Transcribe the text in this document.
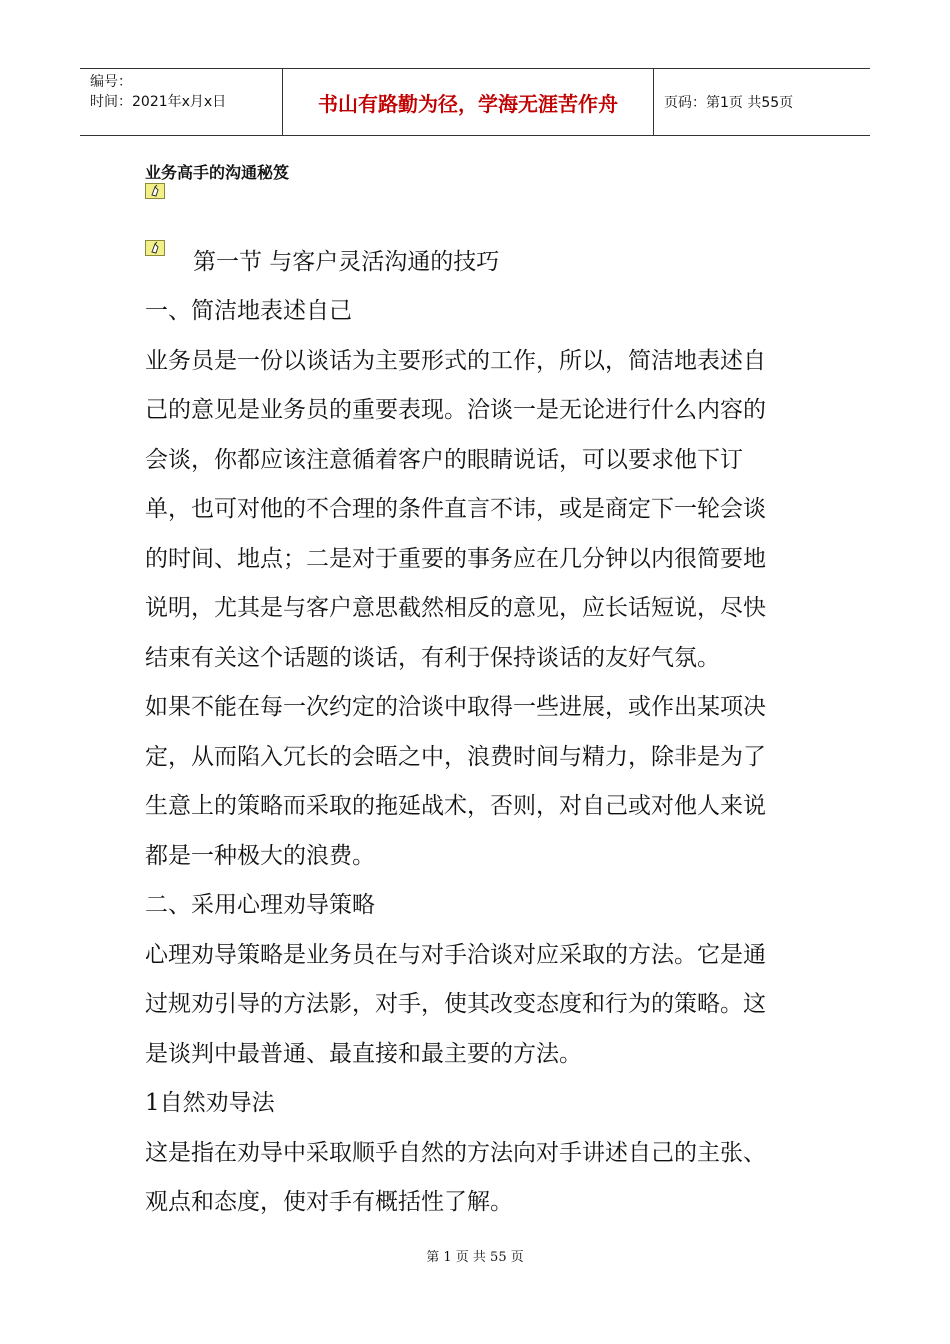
编号：
时间：2021年x月x日	书山有路勤为径，学海无涯苦作舟	页码：第1页 共55页
业务高手的沟通秘笈
第一节 与客户灵活沟通的技巧
一、简洁地表述自己
业务员是一份以谈话为主要形式的工作，所以，简洁地表述自
己的意见是业务员的重要表现。洽谈一是无论进行什么内容的
会谈，你都应该注意循着客户的眼睛说话，可以要求他下订
单，也可对他的不合理的条件直言不讳，或是商定下一轮会谈
的时间、地点；二是对于重要的事务应在几分钟以内很简要地
说明，尤其是与客户意思截然相反的意见，应长话短说，尽快
结束有关这个话题的谈话，有利于保持谈话的友好气氛。
如果不能在每一次约定的洽谈中取得一些进展，或作出某项决
定，从而陷入冗长的会晤之中，浪费时间与精力，除非是为了
生意上的策略而采取的拖延战术，否则，对自己或对他人来说
都是一种极大的浪费。
二、采用心理劝导策略
心理劝导策略是业务员在与对手洽谈对应采取的方法。它是通
过规劝引导的方法影，对手，使其改变态度和行为的策略。这
是谈判中最普通、最直接和最主要的方法。
1自然劝导法
这是指在劝导中采取顺乎自然的方法向对手讲述自己的主张、
观点和态度，使对手有概括性了解。
第 1 页 共 55 页
